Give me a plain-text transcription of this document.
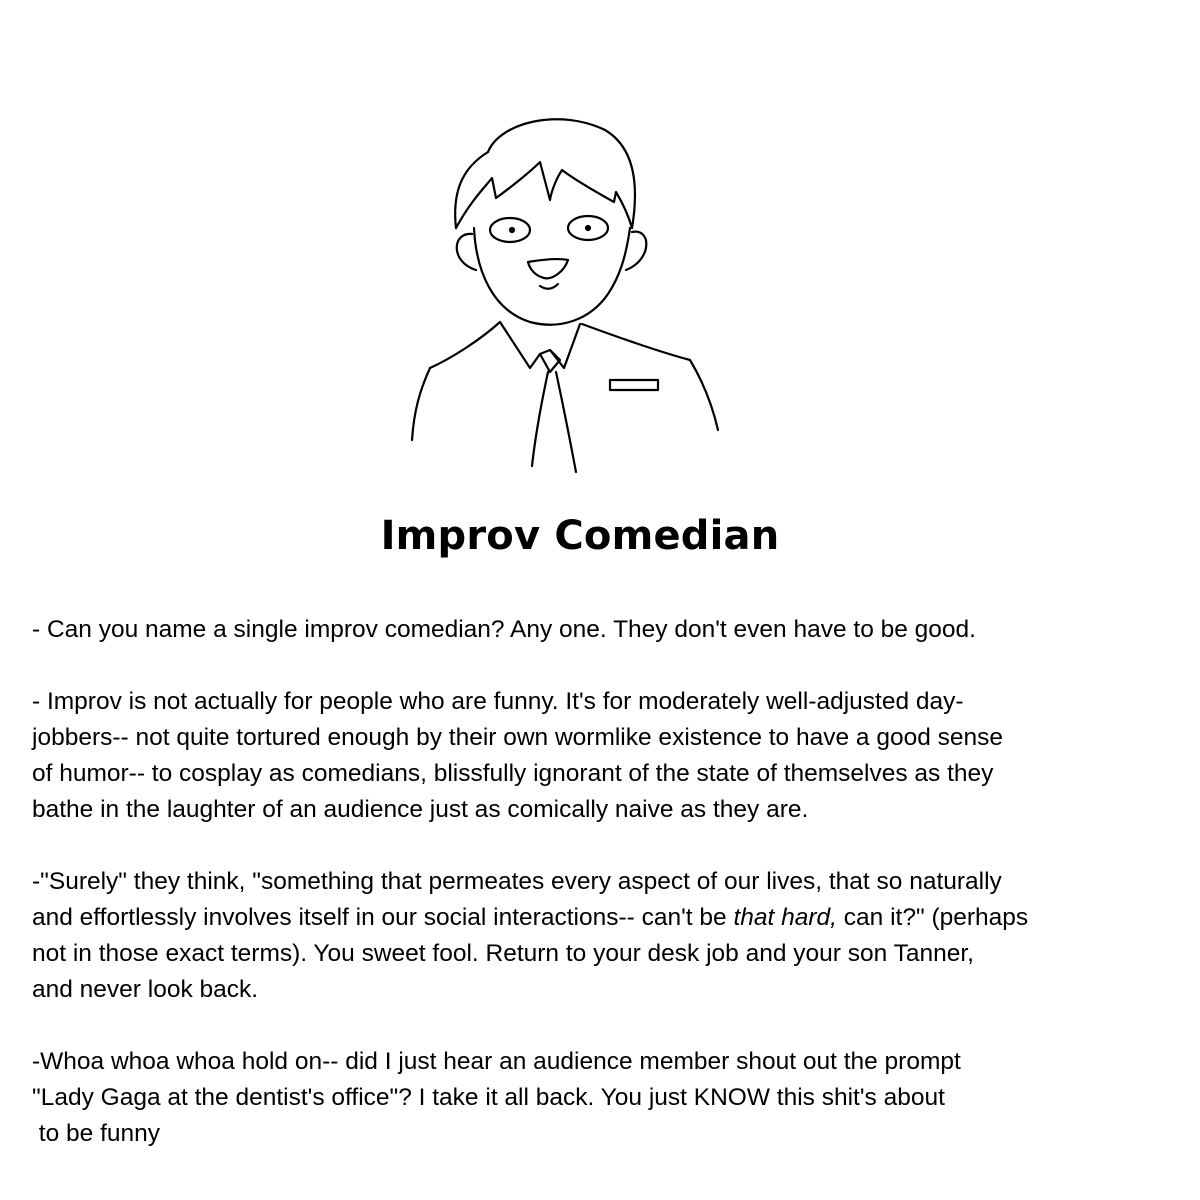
Improv Comedian
- Can you name a single improv comedian? Any one. They don't even have to be good.
- Improv is not actually for people who are funny. It's for moderately well-adjusted day-
jobbers-- not quite tortured enough by their own wormlike existence to have a good sense
of humor-- to cosplay as comedians, blissfully ignorant of the state of themselves as they
bathe in the laughter of an audience just as comically naive as they are.
-"Surely" they think, "something that permeates every aspect of our lives, that so naturally
and effortlessly involves itself in our social interactions-- can't be that hard, can it?" (perhaps
not in those exact terms). You sweet fool. Return to your desk job and your son Tanner,
and never look back.
-Whoa whoa whoa hold on-- did I just hear an audience member shout out the prompt
"Lady Gaga at the dentist's office"? I take it all back. You just KNOW this shit's about
to be funny
